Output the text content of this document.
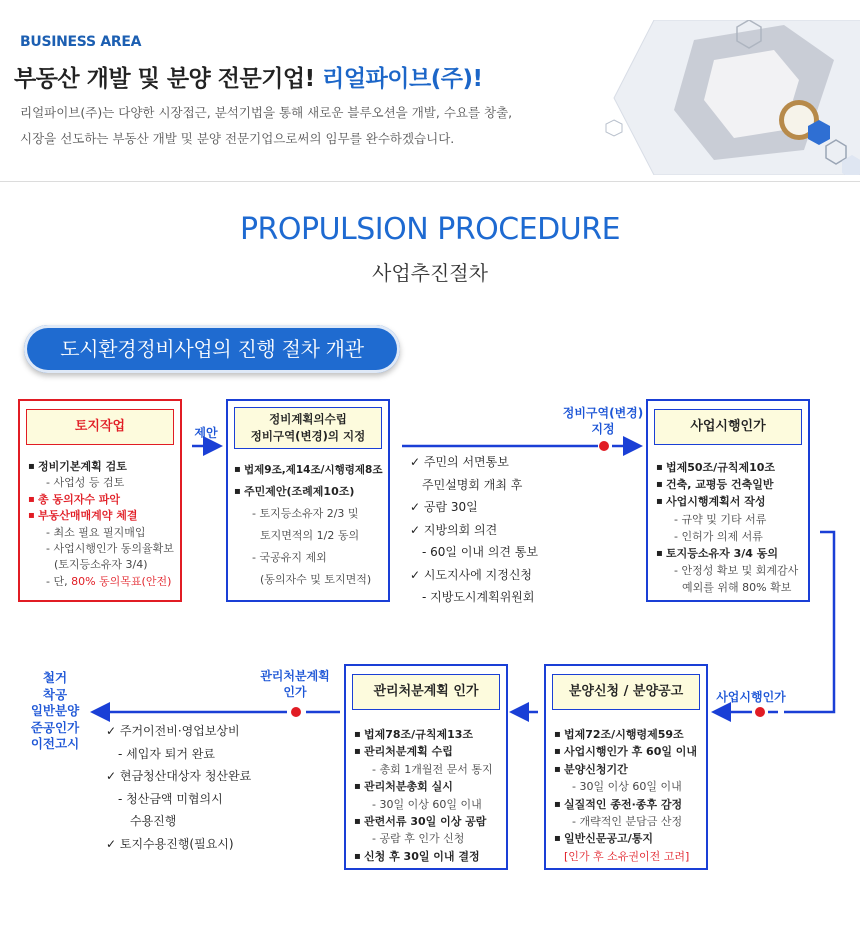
BUSINESS AREA
부동산 개발 및 분양 전문기업! 리얼파이브(주)!
리얼파이브(주)는 다양한 시장접근, 분석기법을 통해 새로운 블루오션을 개발, 수요를 창출,
시장을 선도하는 부동산 개발 및 분양 전문기업으로써의 임무를 완수하겠습니다.
PROPULSION PROCEDURE
사업추진절차
도시환경정비사업의 진행 절차 개관
토지작업
▪ 정비기본계획 검토
- 사업성 등 검토
▪ 총 동의자수 파악
▪ 부동산매매계약 체결
- 최소 필요 필지매입
- 사업시행인가 동의율확보
(토지등소유자 3/4)
- 단, 80% 동의목표(안전)
제안
정비계획의수립
정비구역(변경)의 지정
▪ 법제9조,제14조/시행령제8조
▪ 주민제안(조례제10조)
- 토지등소유자 2/3 및
토지면적의 1/2 동의
- 국공유지 제외
(동의자수 및 토지면적)
✓ 주민의 서면통보
주민설명회 개최 후
✓ 공람 30일
✓ 지방의회 의견
- 60일 이내 의견 통보
✓ 시도지사에 지정신청
- 지방도시계획위원회
정비구역(변경)
지정	사업시행인가
▪ 법제50조/규칙제10조
▪ 건축, 교평등 건축일반
▪ 사업시행계획서 작성
- 규약 및 기타 서류
- 인허가 의제 서류
▪ 토지등소유자 3/4 동의
- 안정성 확보 및 회계감사
예외를 위해 80% 확보
분양신청 / 분양공고
▪ 법제72조/시행령제59조
▪ 사업시행인가 후 60일 이내
▪ 분양신청기간
- 30일 이상 60일 이내
▪ 실질적인 종전·종후 감정
- 개략적인 분담금 산정
▪ 일반신문공고/통지
[인가 후 소유권이전 고려]
사업시행인가
관리처분계획 인가
▪ 법제78조/규칙제13조
▪ 관리처분계획 수립
- 총회 1개월전 문서 통지
▪ 관리처분총회 실시
- 30일 이상 60일 이내
▪ 관련서류 30일 이상 공람
- 공람 후 인가 신청
▪ 신청 후 30일 이내 결정
관리처분계획
인가
✓ 주거이전비·영업보상비
- 세입자 퇴거 완료
✓ 현금청산대상자 청산완료
- 청산금액 미협의시
수용진행
✓ 토지수용진행(필요시)
철거
착공
일반분양
준공인가
이전고시
